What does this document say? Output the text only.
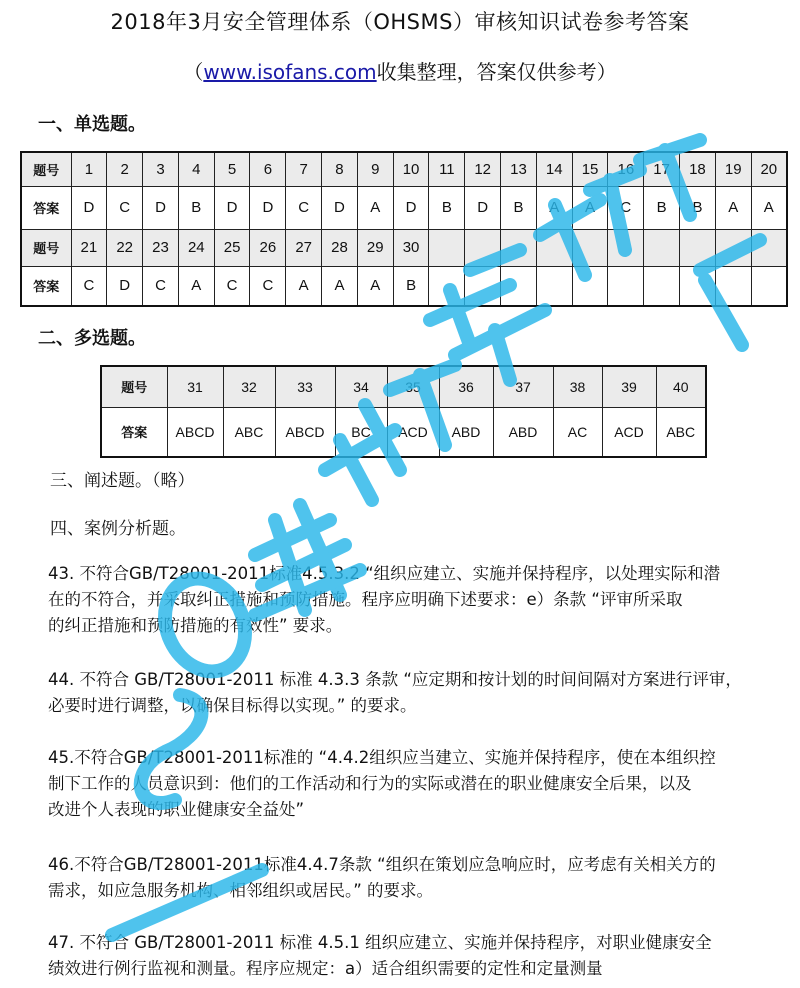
2018年3月安全管理体系（OHSMS）审核知识试卷参考答案
（www.isofans.com收集整理，答案仅供参考）
一、单选题。
题号	1	2	3	4	5	6	7	8	9	10	11	12	13	14	15	16	17	18	19	20
答案	D	C	D	B	D	D	C	D	A	D	B	D	B	A	A	C	B	B	A	A
题号	21	22	23	24	25	26	27	28	29	30										
答案	C	D	C	A	C	C	A	A	A	B										
二、多选题。
题号	31	32	33	34	35	36	37	38	39	40
答案	ABCD	ABC	ABCD	BC	ACD	ABD	ABD	AC	ACD	ABC
三、阐述题。（略）
四、案例分析题。
43. 不符合GB/T28001-2011标准4.5.3.2 “组织应建立、实施并保持程序，以处理实际和潜
在的不符合，并采取纠正措施和预防措施。程序应明确下述要求：e）条款 “评审所采取
的纠正措施和预防措施的有效性” 要求。
44. 不符合 GB/T28001-2011 标准 4.3.3 条款 “应定期和按计划的时间间隔对方案进行评审，
必要时进行调整，以确保目标得以实现。” 的要求。
45.不符合GB/T28001-2011标准的 “4.4.2组织应当建立、实施并保持程序，使在本组织控
制下工作的人员意识到：他们的工作活动和行为的实际或潜在的职业健康安全后果，以及
改进个人表现的职业健康安全益处”
46.不符合GB/T28001-2011标准4.4.7条款 “组织在策划应急响应时，应考虑有关相关方的
需求，如应急服务机构、相邻组织或居民。” 的要求。
47. 不符合 GB/T28001-2011 标准 4.5.1 组织应建立、实施并保持程序，对职业健康安全
绩效进行例行监视和测量。程序应规定：a）适合组织需要的定性和定量测量
